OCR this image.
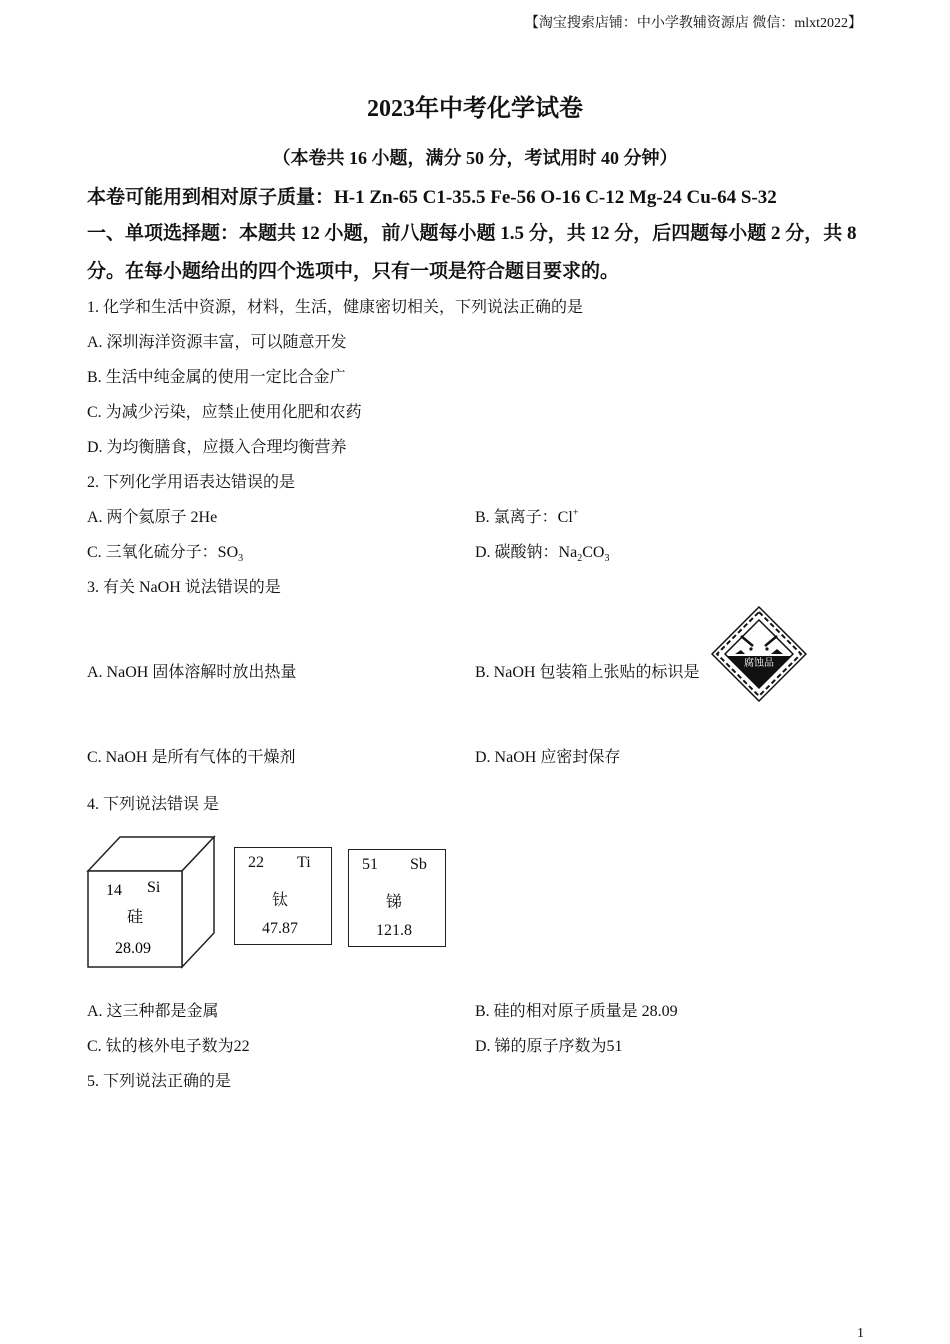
【淘宝搜索店铺：中小学教辅资源店 微信：mlxt2022】
2023年中考化学试卷
（本卷共 16 小题，满分 50 分，考试用时 40 分钟）
本卷可能用到相对原子质量：H-1 Zn-65 C1-35.5 Fe-56 O-16 C-12 Mg-24 Cu-64 S-32
一、单项选择题：本题共 12 小题，前八题每小题 1.5 分，共 12 分，后四题每小题 2 分，共 8
分。在每小题给出的四个选项中，只有一项是符合题目要求的。
1. 化学和生活中资源，材料，生活，健康密切相关，下列说法正确的是
A. 深圳海洋资源丰富，可以随意开发
B. 生活中纯金属的使用一定比合金广
C. 为减少污染，应禁止使用化肥和农药
D. 为均衡膳食，应摄入合理均衡营养
2. 下列化学用语表达错误的是
A. 两个氦原子 2He	B. 氯离子：Cl+
C. 三氧化硫分子：$SO_3$	D. 碳酸钠：$Na_2CO_3$
3. 有关 NaOH 说法错误的是
A. NaOH 固体溶解时放出热量	B. NaOH 包装箱上张贴的标识是
腐蚀品
C. NaOH 是所有气体的干燥剂	D. NaOH 应密封保存
4. 下列说法错误 是
14 Si
硅
28.09
22 Ti
钛
47.87
51 Sb
锑
121.8
A. 这三种都是金属	B. 硅的相对原子质量是 28.09
C. 钛的核外电子数为22	D. 锑的原子序数为51
5. 下列说法正确的是
1
